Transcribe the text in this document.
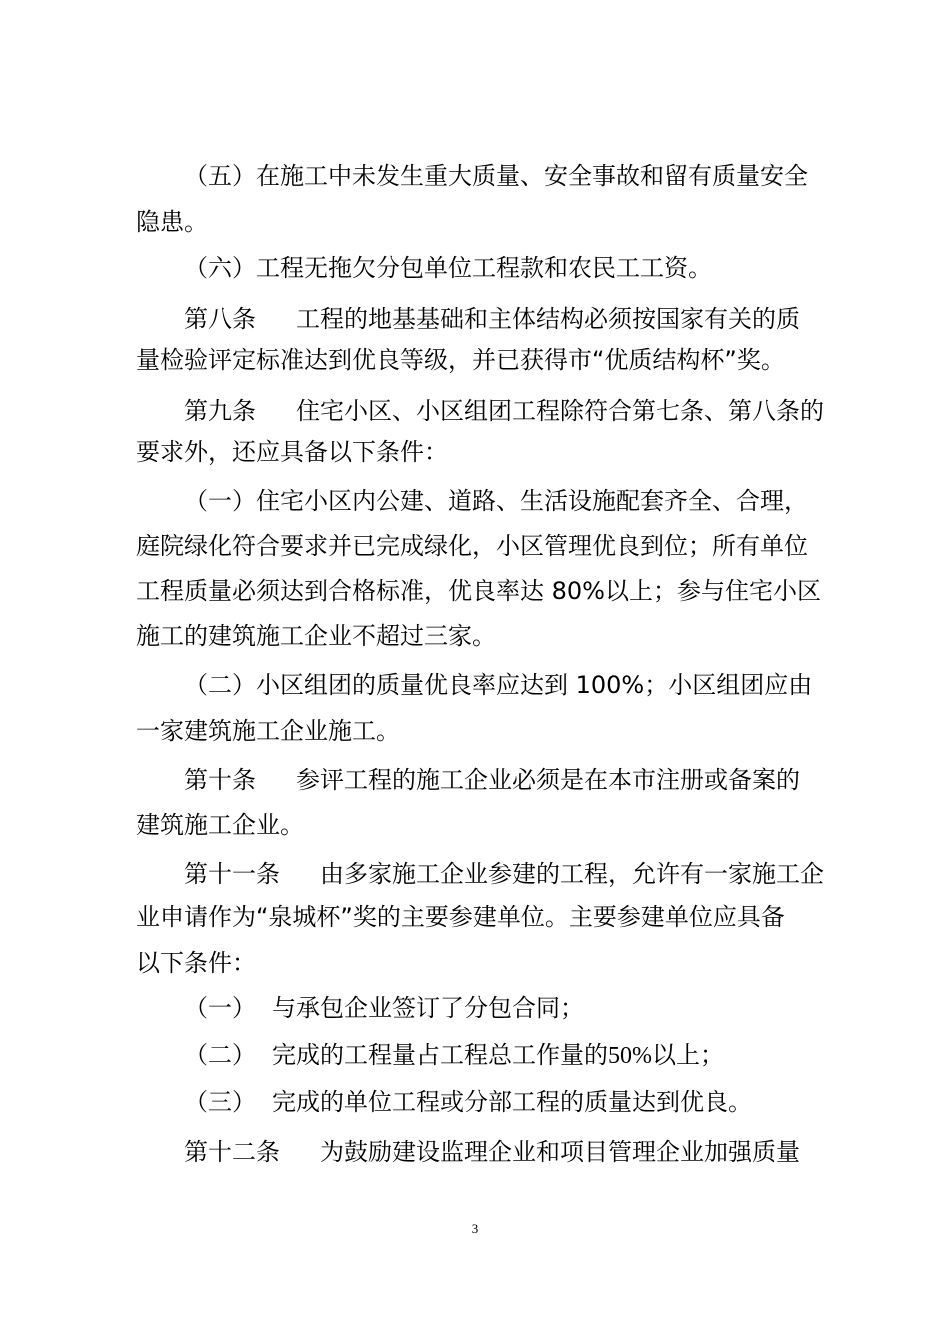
（五）在施工中未发生重大质量、安全事故和留有质量安全
隐患。
（六）工程无拖欠分包单位工程款和农民工工资。
第八条 工程的地基基础和主体结构必须按国家有关的质
量检验评定标准达到优良等级，并已获得市“优质结构杯”奖。
第九条 住宅小区、小区组团工程除符合第七条、第八条的
要求外，还应具备以下条件：
（一）住宅小区内公建、道路、生活设施配套齐全、合理，
庭院绿化符合要求并已完成绿化，小区管理优良到位；所有单位
工程质量必须达到合格标准，优良率达 80%以上；参与住宅小区
施工的建筑施工企业不超过三家。
（二）小区组团的质量优良率应达到 100%；小区组团应由
一家建筑施工企业施工。
第十条 参评工程的施工企业必须是在本市注册或备案的
建筑施工企业。
第十一条 由多家施工企业参建的工程，允许有一家施工企
业申请作为“泉城杯”奖的主要参建单位。主要参建单位应具备
以下条件：
（一） 与承包企业签订了分包合同；
（二） 完成的工程量占工程总工作量的50%以上；
（三） 完成的单位工程或分部工程的质量达到优良。
第十二条 为鼓励建设监理企业和项目管理企业加强质量
3
